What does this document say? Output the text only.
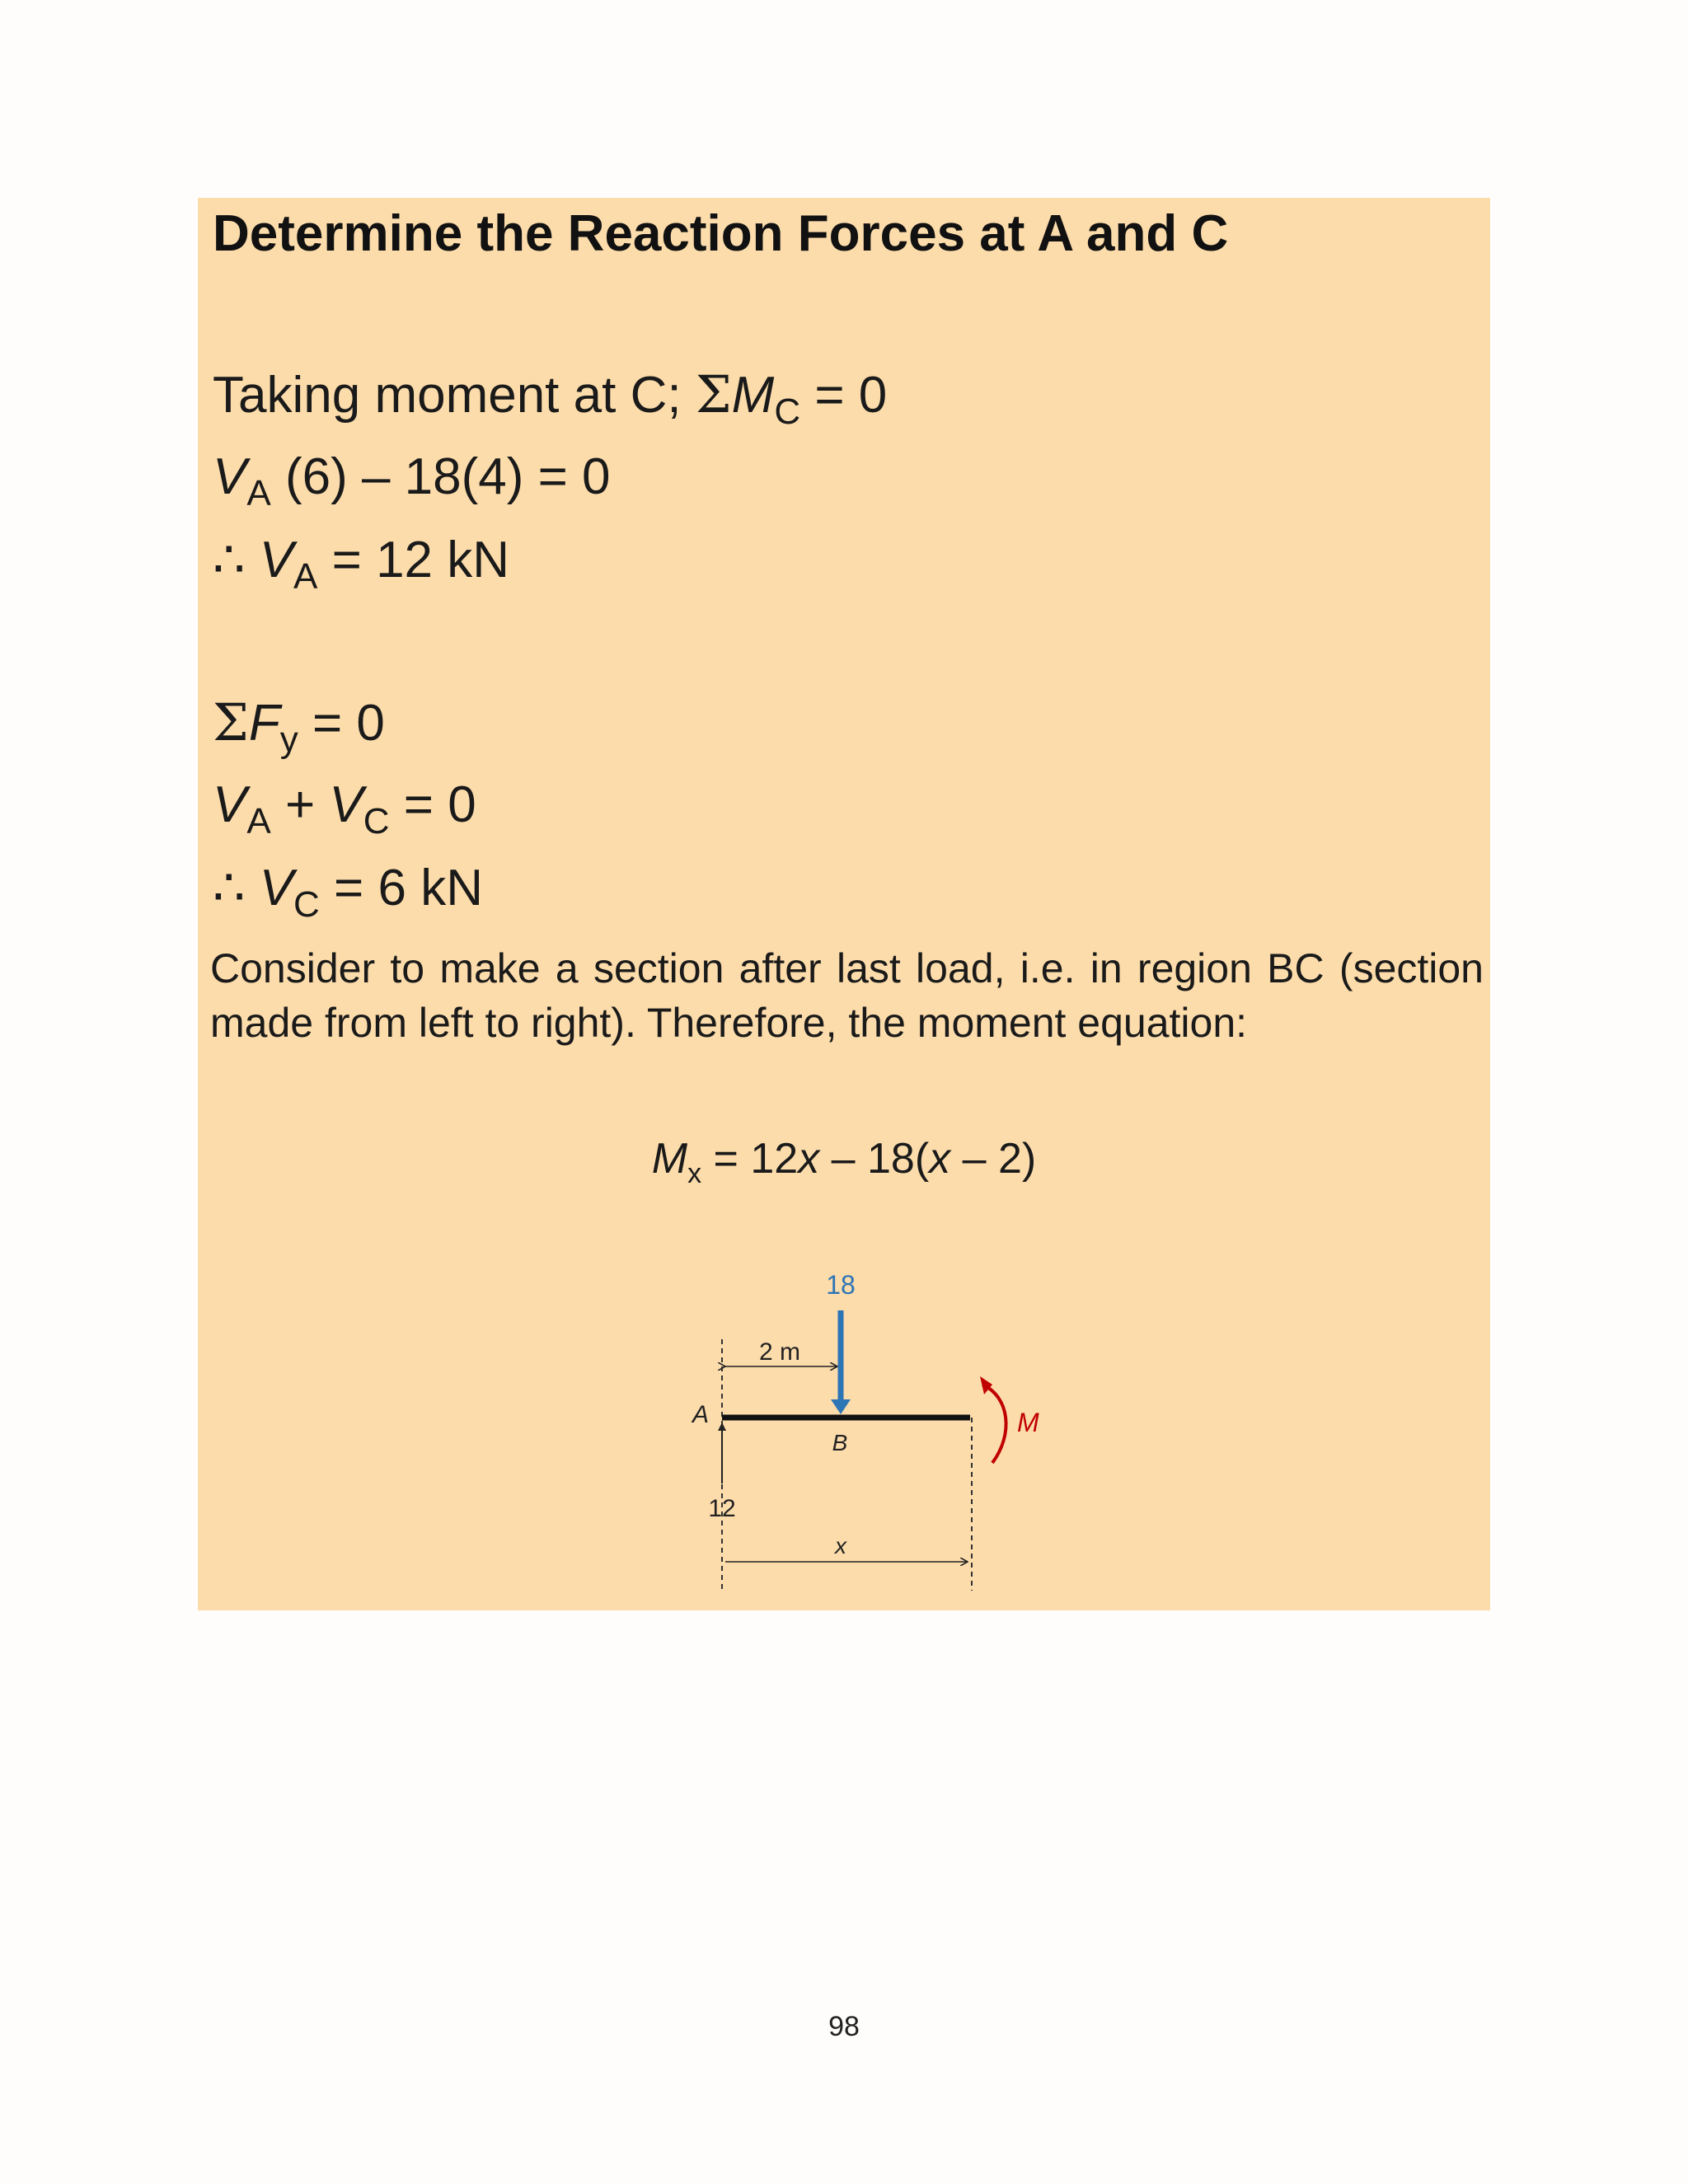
Determine the Reaction Forces at A and C
Taking moment at C; $\Sigma M_C = 0$
$V_A$ (6) – 18(4) = 0
∴ $V_A = 12$ kN
$\Sigma F_y = 0$
$V_A + V_C = 0$
∴ $V_C = 6$ kN
Consider to make a section after last load, i.e. in region BC (section made from left to right). Therefore, the moment equation:
$M_x = 12x - 18(x - 2)$
2 m
A
B
18
12
x
M
98
